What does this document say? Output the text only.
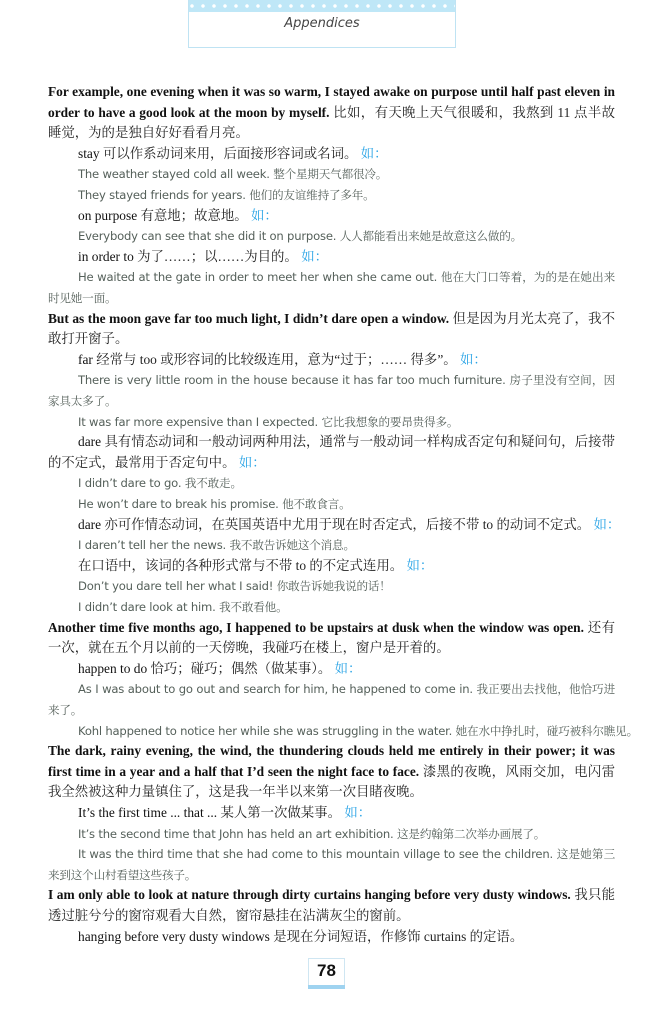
Appendices
For example, one evening when it was so warm, I stayed awake on purpose until half past eleven in
order to have a good look at the moon by myself. 比如，有天晚上天气很暖和，我熬到 11 点半故
睡觉，为的是独自好好看看月亮。
stay 可以作系动词来用，后面接形容词或名词。 如：
The weather stayed cold all week. 整个星期天气都很冷。
They stayed friends for years. 他们的友谊维持了多年。
on purpose 有意地；故意地。 如：
Everybody can see that she did it on purpose. 人人都能看出来她是故意这么做的。
in order to 为了……；以……为目的。 如：
He waited at the gate in order to meet her when she came out. 他在大门口等着，为的是在她出来
时见她一面。
But as the moon gave far too much light, I didn’t dare open a window. 但是因为月光太亮了，我不
敢打开窗子。
far 经常与 too 或形容词的比较级连用，意为“过于；…… 得多”。 如：
There is very little room in the house because it has far too much furniture. 房子里没有空间，因
家具太多了。
It was far more expensive than I expected. 它比我想象的要昂贵得多。
dare 具有情态动词和一般动词两种用法，通常与一般动词一样构成否定句和疑问句，后接带
的不定式，最常用于否定句中。 如：
I didn’t dare to go. 我不敢走。
He won’t dare to break his promise. 他不敢食言。
dare 亦可作情态动词，在英国英语中尤用于现在时否定式，后接不带 to 的动词不定式。 如：
I daren’t tell her the news. 我不敢告诉她这个消息。
在口语中，该词的各种形式常与不带 to 的不定式连用。 如：
Don’t you dare tell her what I said! 你敢告诉她我说的话！
I didn’t dare look at him. 我不敢看他。
Another time five months ago, I happened to be upstairs at dusk when the window was open. 还有
一次，就在五个月以前的一天傍晚，我碰巧在楼上，窗户是开着的。
happen to do 恰巧；碰巧；偶然（做某事）。 如：
As I was about to go out and search for him, he happened to come in. 我正要出去找他，他恰巧进
来了。
Kohl happened to notice her while she was struggling in the water. 她在水中挣扎时，碰巧被科尔瞧见。
The dark, rainy evening, the wind, the thundering clouds held me entirely in their power; it was
first time in a year and a half that I’d seen the night face to face. 漆黑的夜晚，风雨交加，电闪雷
我全然被这种力量镇住了，这是我一年半以来第一次目睹夜晚。
It’s the first time ... that ... 某人第一次做某事。 如：
It’s the second time that John has held an art exhibition. 这是约翰第二次举办画展了。
It was the third time that she had come to this mountain village to see the children. 这是她第三
来到这个山村看望这些孩子。
I am only able to look at nature through dirty curtains hanging before very dusty windows. 我只能
透过脏兮兮的窗帘观看大自然，窗帘悬挂在沾满灰尘的窗前。
hanging before very dusty windows 是现在分词短语，作修饰 curtains 的定语。
78
